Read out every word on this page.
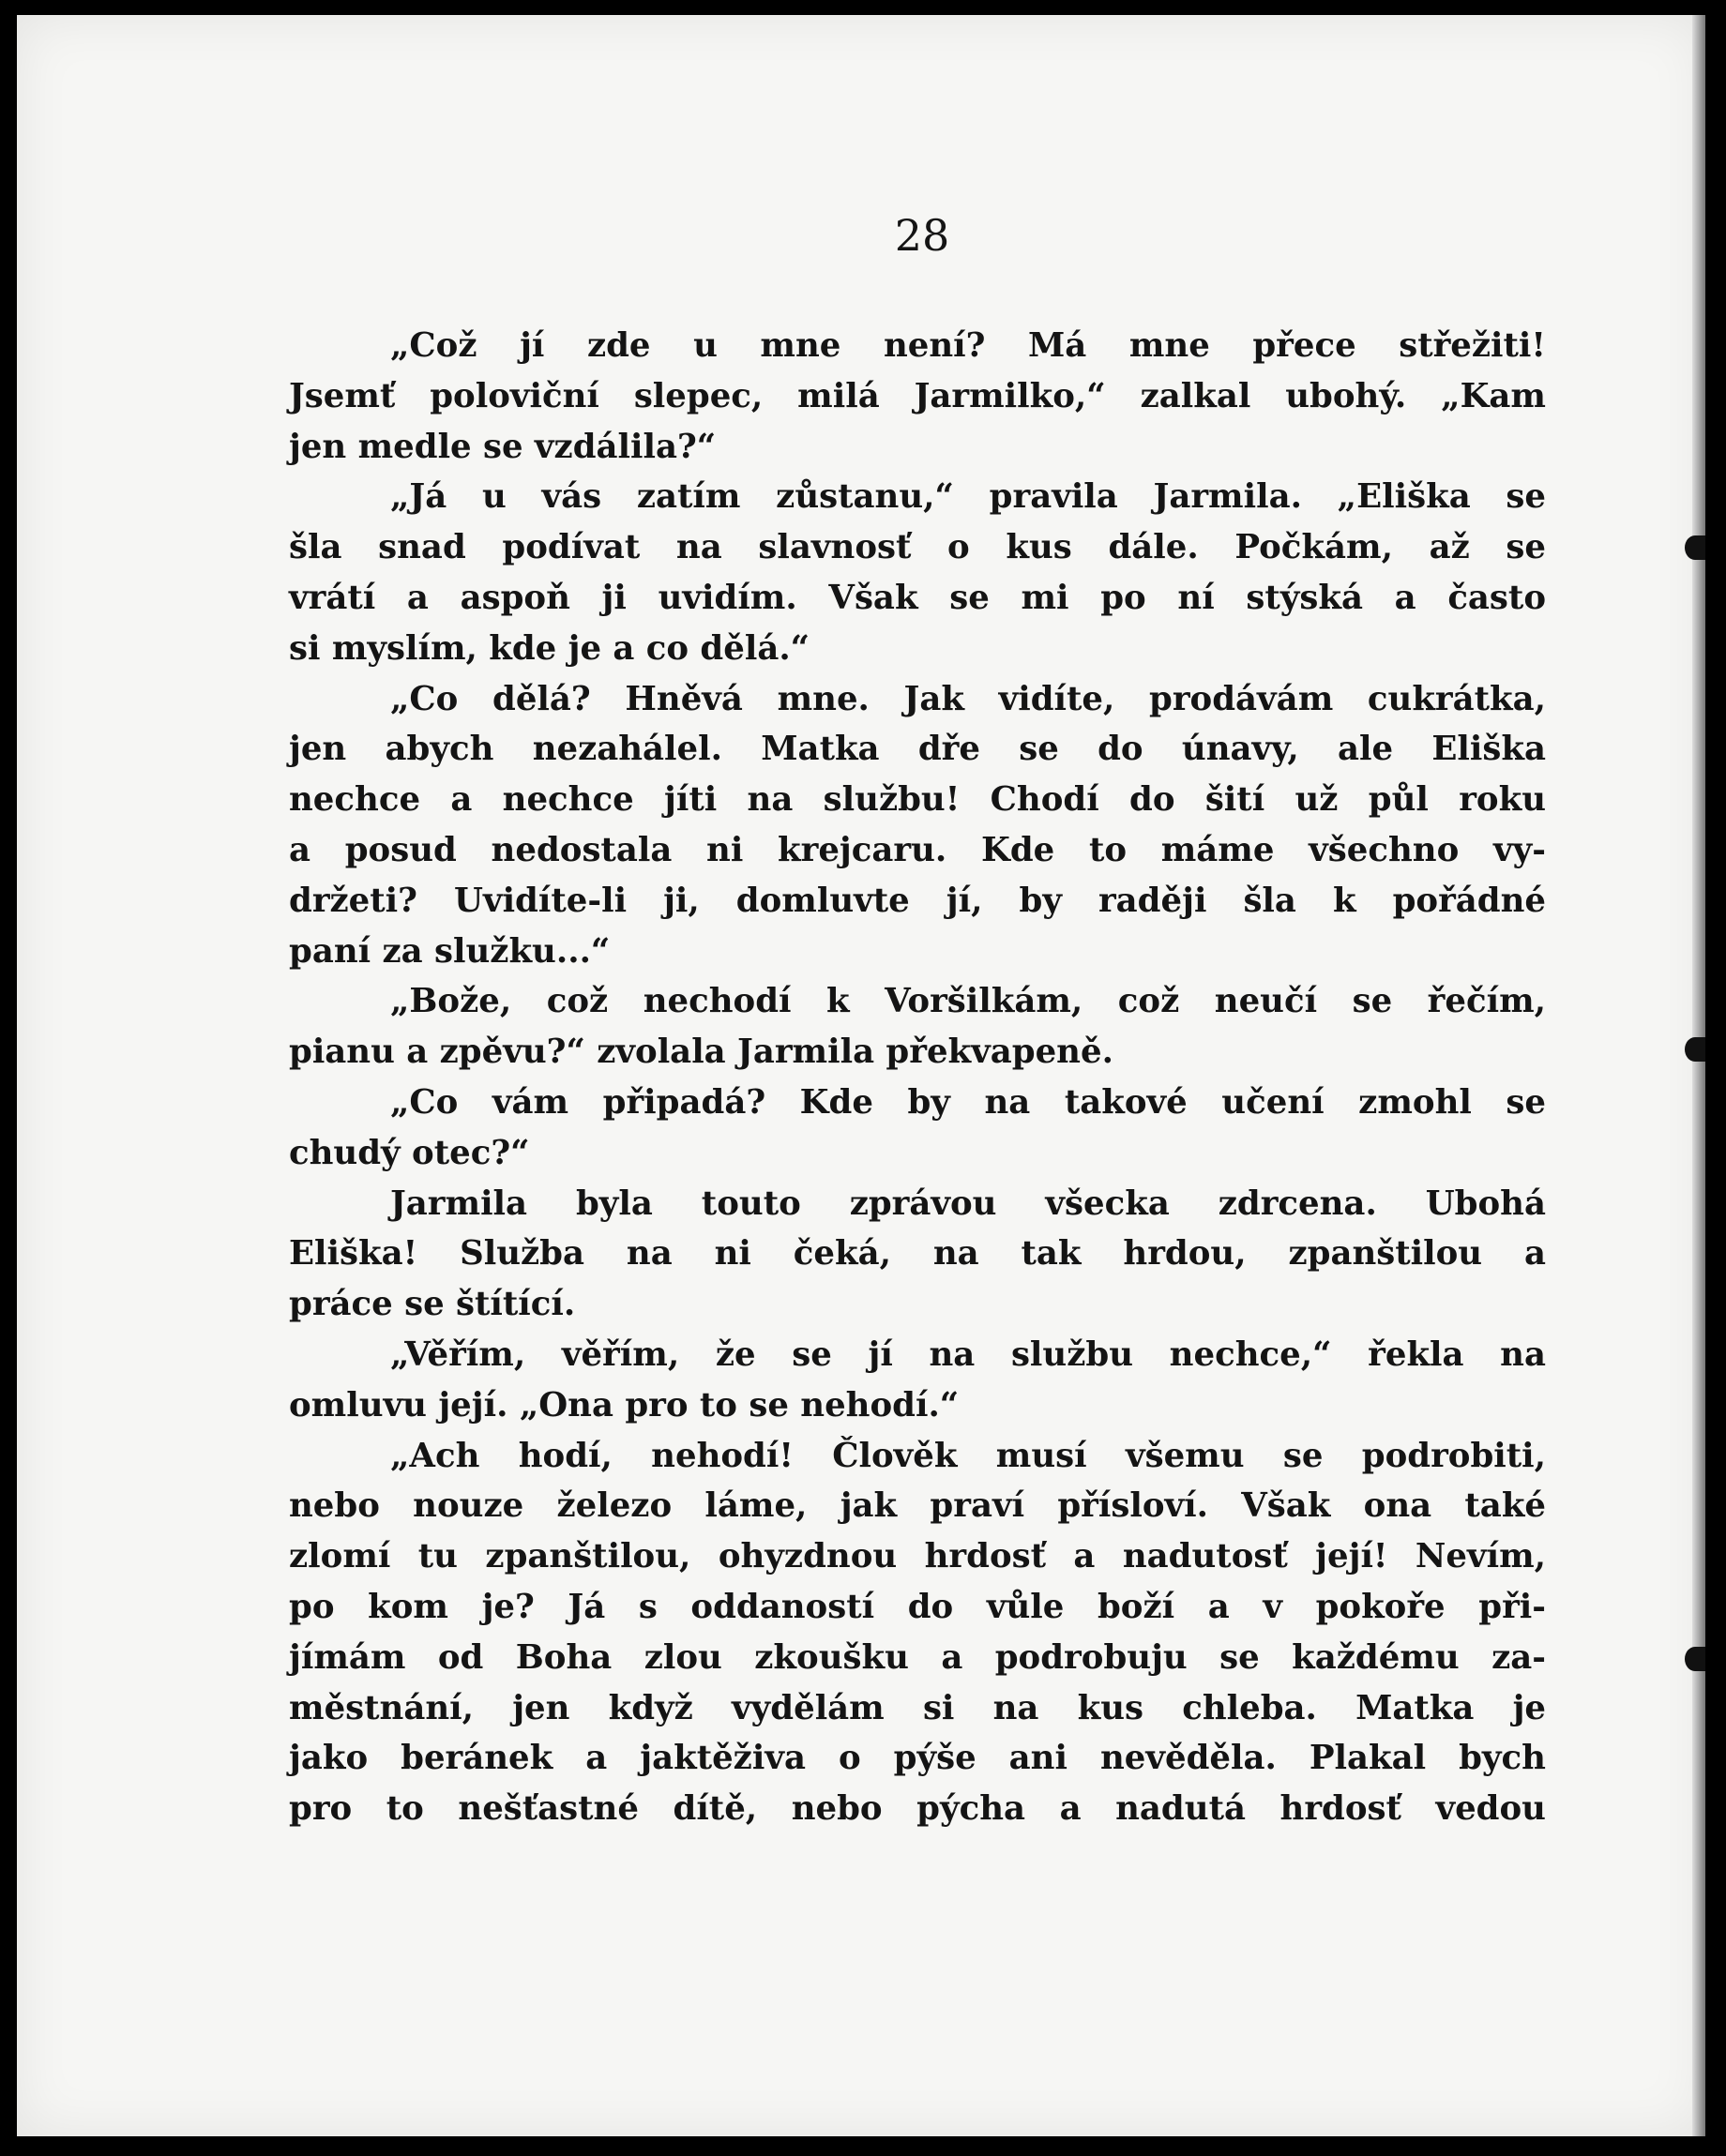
28
„Což jí zde u mne není? Má mne přece střežiti!
Jsemť poloviční slepec, milá Jarmilko,“ zalkal ubohý. „Kam
jen medle se vzdálila?“
„Já u vás zatím zůstanu,“ pravila Jarmila. „Eliška se
šla snad podívat na slavnosť o kus dále. Počkám, až se
vrátí a aspoň ji uvidím. Však se mi po ní stýská a často
si myslím, kde je a co dělá.“
„Co dělá? Hněvá mne. Jak vidíte, prodávám cukrátka,
jen abych nezahálel. Matka dře se do únavy, ale Eliška
nechce a nechce jíti na službu! Chodí do šití už půl roku
a posud nedostala ni krejcaru. Kde to máme všechno vy-
držeti? Uvidíte-li ji, domluvte jí, by raději šla k pořádné
paní za služku...“
„Bože, což nechodí k Voršilkám, což neučí se řečím,
pianu a zpěvu?“ zvolala Jarmila překvapeně.
„Co vám připadá? Kde by na takové učení zmohl se
chudý otec?“
Jarmila byla touto zprávou všecka zdrcena. Ubohá
Eliška! Služba na ni čeká, na tak hrdou, zpanštilou a
práce se štítící.
„Věřím, věřím, že se jí na službu nechce,“ řekla na
omluvu její. „Ona pro to se nehodí.“
„Ach hodí, nehodí! Člověk musí všemu se podrobiti,
nebo nouze železo láme, jak praví přísloví. Však ona také
zlomí tu zpanštilou, ohyzdnou hrdosť a nadutosť její! Nevím,
po kom je? Já s oddaností do vůle boží a v pokoře při-
jímám od Boha zlou zkoušku a podrobuju se každému za-
městnání, jen když vydělám si na kus chleba. Matka je
jako beránek a jaktěživa o pýše ani nevěděla. Plakal bych
pro to nešťastné dítě, nebo pýcha a nadutá hrdosť vedou
